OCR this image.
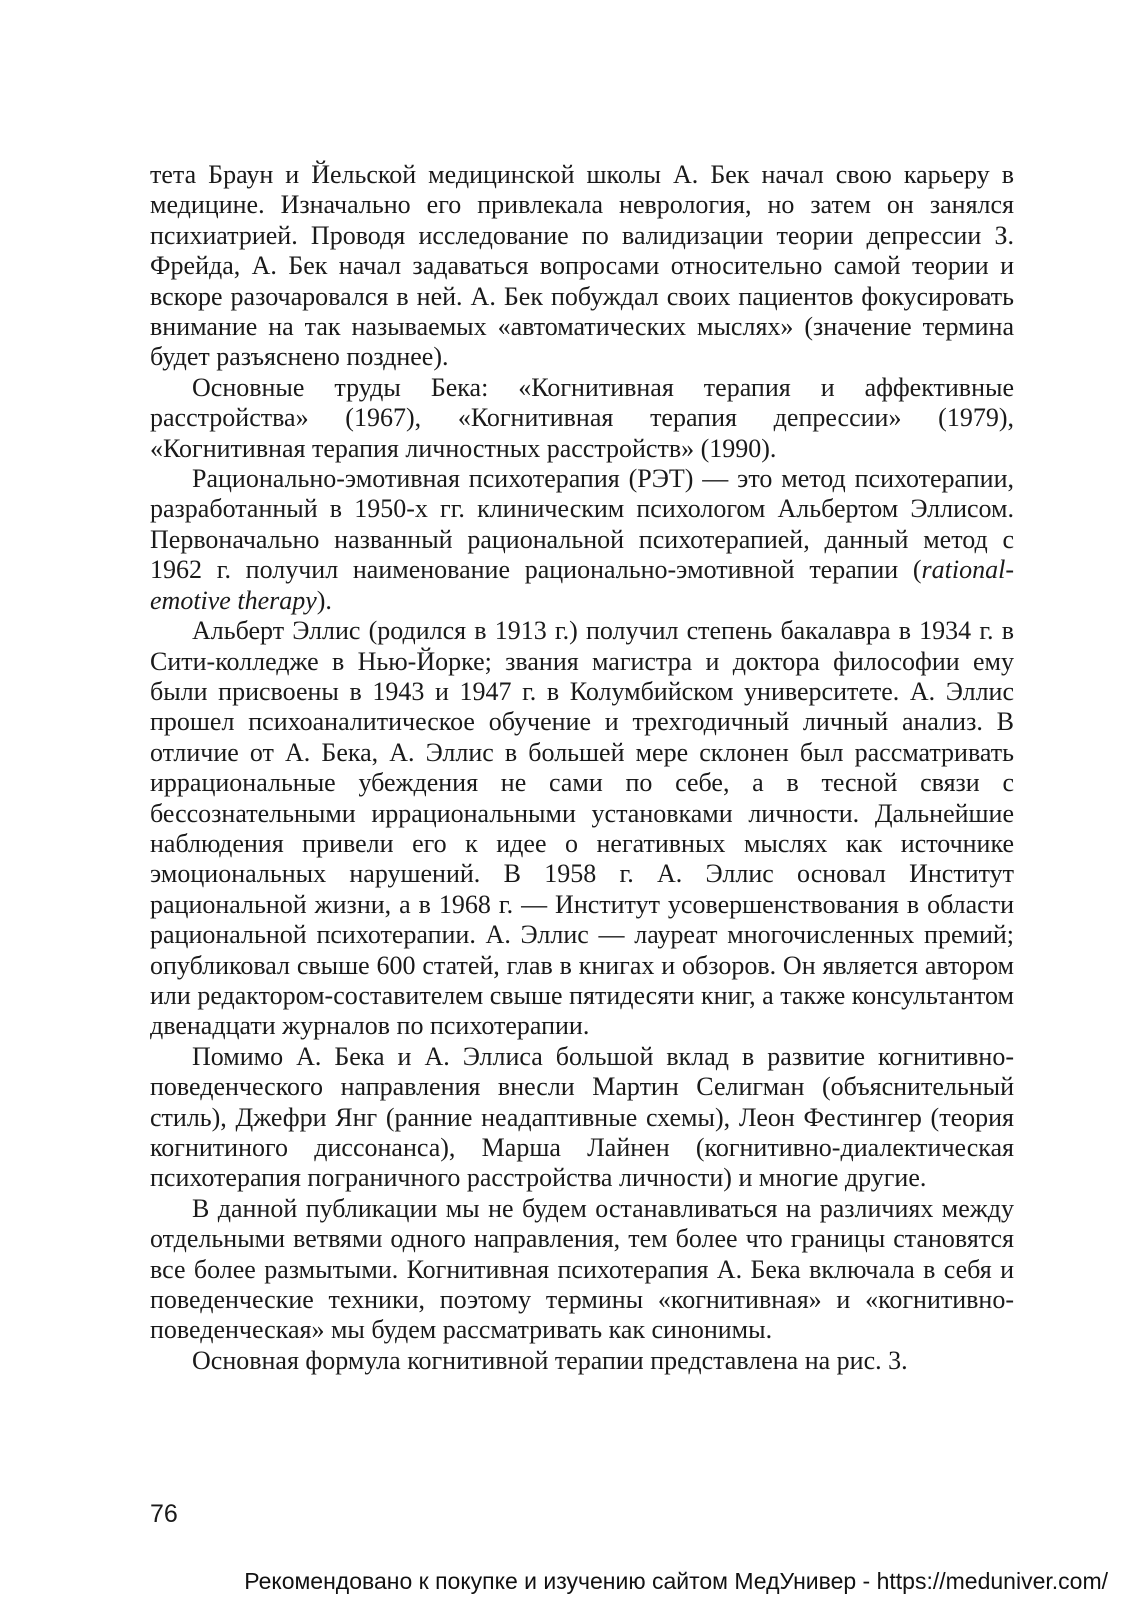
тета Браун и Йельской медицинской школы А. Бек начал свою карьеру в медицине. Изначально его привлекала неврология, но затем он занялся психиатрией. Проводя исследование по валидизации теории депрессии З. Фрейда, А. Бек начал задаваться вопросами относительно самой теории и вскоре разочаровался в ней. А. Бек побуждал своих пациентов фокусировать внимание на так называемых «автоматических мыслях» (значение термина будет разъяснено позднее).

Основные труды Бека: «Когнитивная терапия и аффективные расстройства» (1967), «Когнитивная терапия депрессии» (1979), «Когнитивная терапия личностных расстройств» (1990).

Рационально-эмотивная психотерапия (РЭТ) — это метод психотерапии, разработанный в 1950-х гг. клиническим психологом Альбертом Эллисом. Первоначально названный рациональной психотерапией, данный метод с 1962 г. получил наименование рационально-эмотивной терапии (rational-emotive therapy).

Альберт Эллис (родился в 1913 г.) получил степень бакалавра в 1934 г. в Сити-колледже в Нью-Йорке; звания магистра и доктора философии ему были присвоены в 1943 и 1947 г. в Колумбийском университете. А. Эллис прошел психоаналитическое обучение и трехгодичный личный анализ. В отличие от А. Бека, А. Эллис в большей мере склонен был рассматривать иррациональные убеждения не сами по себе, а в тесной связи с бессознательными иррациональными установками личности. Дальнейшие наблюдения привели его к идее о негативных мыслях как источнике эмоциональных нарушений. В 1958 г. А. Эллис основал Институт рациональной жизни, а в 1968 г. — Институт усовершенствования в области рациональной психотерапии. А. Эллис — лауреат многочисленных премий; опубликовал свыше 600 статей, глав в книгах и обзоров. Он является автором или редактором-составителем свыше пятидесяти книг, а также консультантом двенадцати журналов по психотерапии.

Помимо А. Бека и А. Эллиса большой вклад в развитие когнитивно-поведенческого направления внесли Мартин Селигман (объяснительный стиль), Джефри Янг (ранние неадаптивные схемы), Леон Фестингер (теория когнитиного диссонанса), Марша Лайнен (когнитивно-диалектическая психотерапия пограничного расстройства личности) и многие другие.

В данной публикации мы не будем останавливаться на различиях между отдельными ветвями одного направления, тем более что границы становятся все более размытыми. Когнитивная психотерапия А. Бека включала в себя и поведенческие техники, поэтому термины «когнитивная» и «когнитивно-поведенческая» мы будем рассматривать как синонимы.

Основная формула когнитивной терапии представлена на рис. 3.

76
Рекомендовано к покупке и изучению сайтом МедУнивер - https://meduniver.com/
